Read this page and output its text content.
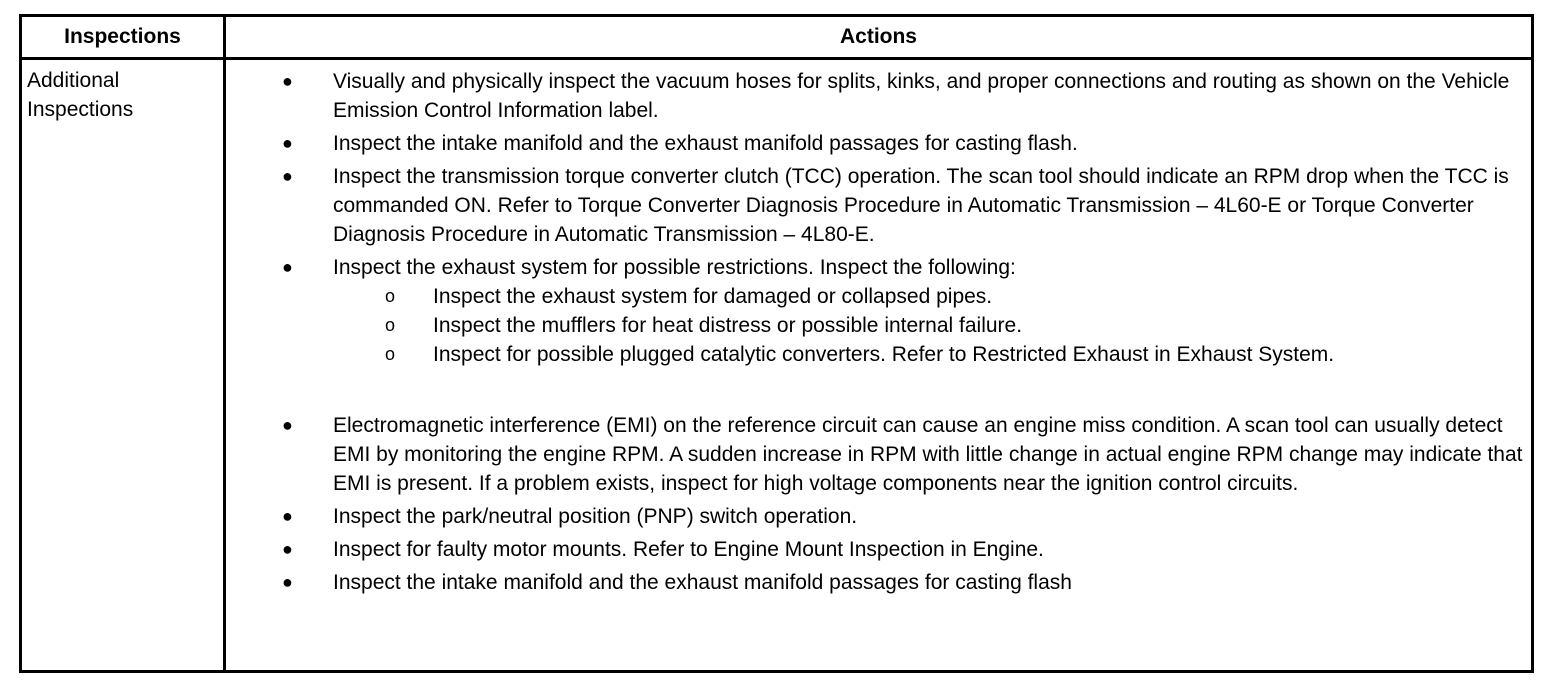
Inspections	Actions
Additional
Inspections
● Visually and physically inspect the vacuum hoses for splits, kinks, and proper connections and routing as shown on the Vehicle Emission Control Information label.
● Inspect the intake manifold and the exhaust manifold passages for casting flash.
● Inspect the transmission torque converter clutch (TCC) operation. The scan tool should indicate an RPM drop when the TCC is commanded ON. Refer to Torque Converter Diagnosis Procedure in Automatic Transmission – 4L60-E or Torque Converter Diagnosis Procedure in Automatic Transmission – 4L80-E.
● Inspect the exhaust system for possible restrictions. Inspect the following:
o Inspect the exhaust system for damaged or collapsed pipes.
o Inspect the mufflers for heat distress or possible internal failure.
o Inspect for possible plugged catalytic converters. Refer to Restricted Exhaust in Exhaust System.
● Electromagnetic interference (EMI) on the reference circuit can cause an engine miss condition. A scan tool can usually detect EMI by monitoring the engine RPM. A sudden increase in RPM with little change in actual engine RPM change may indicate that EMI is present. If a problem exists, inspect for high voltage components near the ignition control circuits.
● Inspect the park/neutral position (PNP) switch operation.
● Inspect for faulty motor mounts. Refer to Engine Mount Inspection in Engine.
● Inspect the intake manifold and the exhaust manifold passages for casting flash
